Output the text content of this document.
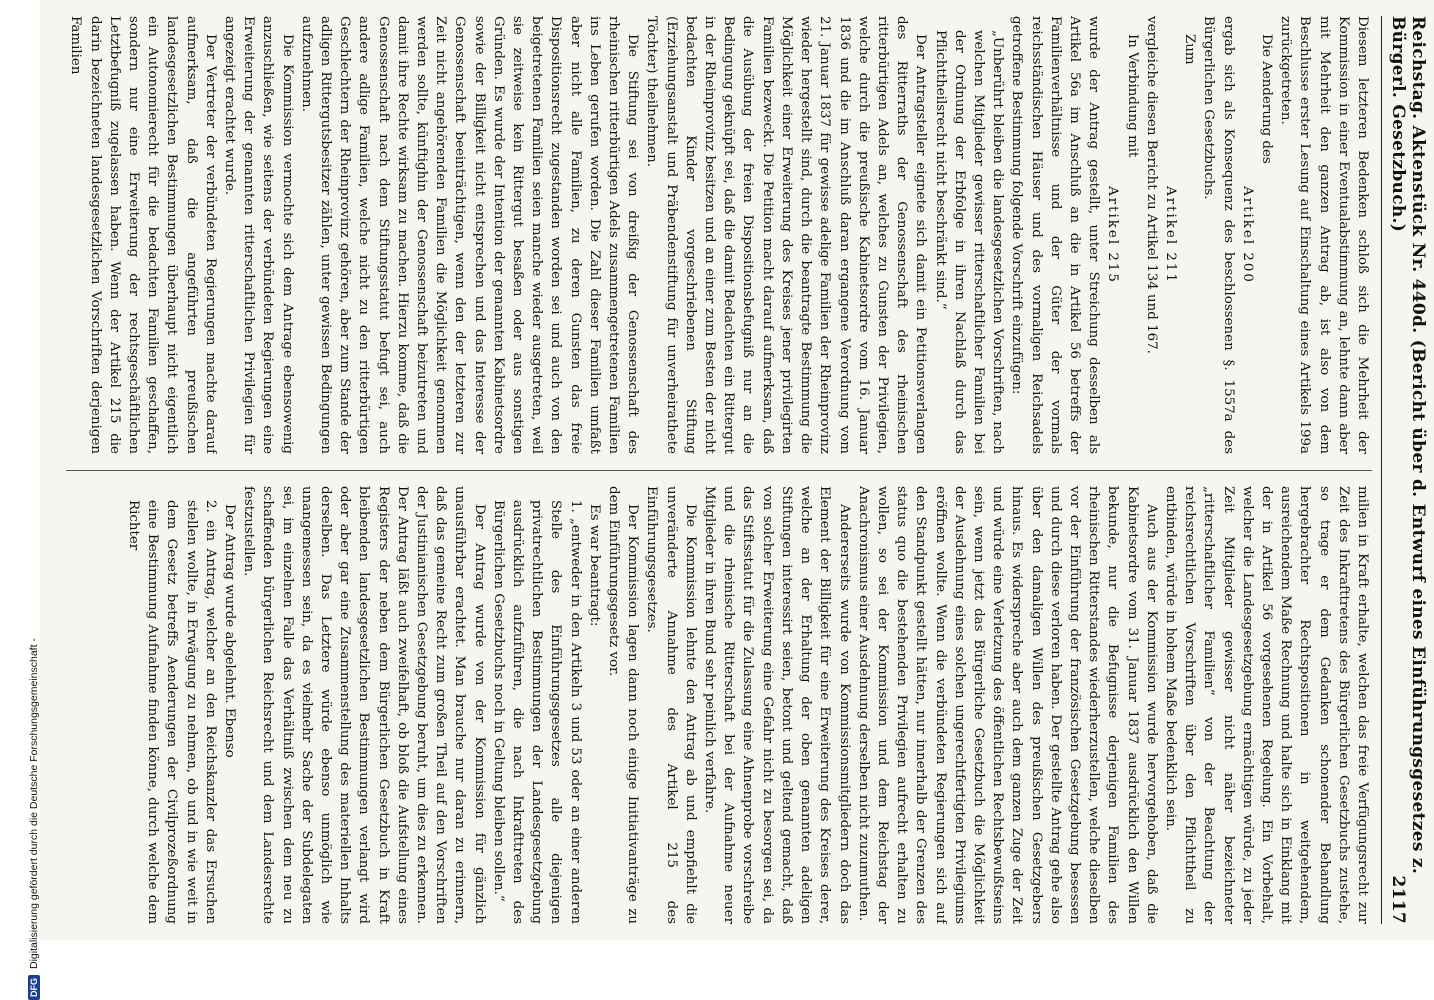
DFG
Digitalisierung gefördert durch die Deutsche Forschungsgemeinschaft -	Reichstag. Aktenstück Nr. 440d. (Bericht über d. Entwurf eines Einführungsgesetzes z. Bürgerl. Gesetzbuch.)
2117

Diesem letzteren Bedenken schloß sich die Mehrheit der Kommission in einer Eventualabstimmung an, lehnte dann aber mit Mehrheit den ganzen Antrag ab, ist also von dem Beschlusse erster Lesung auf Einschaltung eines Artikels 199a zurückgetreten.

Die Aenderung des

Artikel 200

ergab sich als Konsequenz des beschlossenen §. 1557a des Bürgerlichen Gesetzbuchs.

Zum

Artikel 211

vergleiche diesen Bericht zu Artikel 134 und 167.

In Verbindung mit

Artikel 215

wurde der Antrag gestellt, unter Streichung desselben als Artikel 56a im Anschluß an die in Artikel 56 betreffs der Familienverhältnisse und der Güter der vormals reichsständischen Häuser und des vormaligen Reichsadels getroffene Bestimmung folgende Vorschrift einzufügen:

„Unberührt bleiben die landesgesetzlichen Vorschriften, nach welchen Mitglieder gewisser ritterschaftlicher Familien bei der Ordnung der Erbfolge in ihren Nachlaß durch das Pflichttheilsrecht nicht beschränkt sind.“

Der Antragsteller eignete sich damit ein Petitionsverlangen des Ritterraths der Genossenschaft des rheinischen ritterbürtigen Adels an, welches zu Gunsten der Privilegien, welche durch die preußische Kabinetsordre vom 16. Januar 1836 und die im Anschluß daran ergangene Verordnung vom 21. Januar 1837 für gewisse adelige Familien der Rheinprovinz wieder hergestellt sind, durch die beantragte Bestimmung die Möglichkeit einer Erweiterung des Kreises jener privilegirten Familien bezweckt. Die Petition macht darauf aufmerksam, daß die Ausübung der freien Dispositionsbefugniß nur an die Bedingung geknüpft sei, daß die damit Bedachten ein Rittergut in der Rheinprovinz besitzen und an einer zum Besten der nicht bedachten Kinder vorgeschriebenen Stiftung (Erziehungsanstalt und Präbendenstiftung für unverheirathete Töchter) theilnehmen.

Die Stiftung sei von dreißig der Genossenschaft des rheinischen ritterbürtigen Adels zusammengetretenen Familien ins Leben gerufen worden. Die Zahl dieser Familien umfaßt aber nicht alle Familien, zu deren Gunsten das freie Dispositionsrecht zugestanden worden sei und auch von den beigetretenen Familien seien manche wieder ausgetreten, weil sie zeitweise kein Rittergut besaßen oder aus sonstigen Gründen. Es wurde der Intention der genannten Kabinetsordre sowie der Billigkeit nicht entsprechen und das Interesse der Genossenschaft beeinträchtigen, wenn den der letzteren zur Zeit nicht angehörenden Familien die Möglichkeit genommen werden sollte, künftighin der Genossenschaft beizutreten und damit ihre Rechte wirksam zu machen. Hierzu komme, daß die Genossenschaft nach dem Stiftungsstatut befugt sei, auch andere adlige Familien, welche nicht zu den ritterbürtigen Geschlechtern der Rheinprovinz gehören, aber zum Stande der adligen Rittergutsbesitzer zählen, unter gewissen Bedingungen aufzunehmen.

Die Kommission vermochte sich dem Antrage ebensowenig anzuschließen, wie seitens der verbündeten Regierungen eine Erweiterung der genannten ritterschaftlichen Privilegien für angezeigt erachtet wurde.

Der Vertreter der verbündeten Regierungen machte darauf aufmerksam, daß die angeführten preußischen landesgesetzlichen Bestimmungen überhaupt nicht eigentlich ein Autonomierecht für die bedachten Familien geschaffen, sondern nur eine Erweiterung der rechtsgeschäftlichen Letztbefugniß zugelassen haben. Wenn der Artikel 215 die darin bezeichneten landesgesetzlichen Vorschriften derjenigen Familien

milien in Kraft erhalte, welchen das freie Verfügungsrecht zur Zeit des Inkrafttretens des Bürgerlichen Gesetzbuchs zustehe, so trage er dem Gedanken schonender Behandlung hergebrachter Rechtspositionen in weitgehendem, ausreichendem Maße Rechnung und halte sich in Einklang mit der in Artikel 56 vorgesehenen Regelung. Ein Vorbehalt, welcher die Landesgesetzgebung ermächtigen würde, zu jeder Zeit Mitglieder gewisser nicht näher bezeichneter „ritterschaftlicher Familien“ von der Beachtung der reichsrechtlichen Vorschriften über den Pflichttheil zu entbinden, würde in hohem Maße bedenklich sein.

Auch aus der Kommission wurde hervorgehoben, daß die Kabinetsordre vom 31. Januar 1837 ausdrücklich den Willen bekunde, nur die Befugnisse derjenigen Familien des rheinischen Ritterstandes wiederherzustellen, welche dieselben vor der Einführung der französischen Gesetzgebung besessen und durch diese verloren haben. Der gestellte Antrag gehe also über den damaligen Willen des preußischen Gesetzgebers hinaus. Es widerspreche aber auch dem ganzen Zuge der Zeit und würde eine Verletzung des öffentlichen Rechtsbewußtseins sein, wenn jetzt das Bürgerliche Gesetzbuch die Möglichkeit der Ausdehnung eines solchen ungerechtfertigten Privilegiums eröffnen wollte. Wenn die verbündeten Regierungen sich auf den Standpunkt gestellt hätten, nur innerhalb der Grenzen des status quo die bestehenden Privilegien aufrecht erhalten zu wollen, so sei der Kommission und dem Reichstag der Anachronismus einer Ausdehnung derselben nicht zuzumuthen.

Andererseits wurde von Kommissionsmitgliedern doch das Element der Billigkeit für eine Erweiterung des Kreises derer, welche an der Erhaltung der oben genannten adeligen Stiftungen interessirt seien, betont und geltend gemacht, daß von solcher Erweiterung eine Gefahr nicht zu besorgen sei, da das Stiftsstatut für die Zulassung eine Ahnenprobe vorschreibe und die rheinische Ritterschaft bei der Aufnahme neuer Mitglieder in ihren Bund sehr peinlich verfahre.

Die Kommission lehnte den Antrag ab und empfiehlt die unveränderte Annahme des Artikel 215 des Einführungsgesetzes.

Der Kommission lagen dann noch einige Initiativanträge zu dem Einführungsgesetz vor.

Es war beantragt:

1. „entweder in den Artikeln 3 und 53 oder an einer anderen Stelle des Einführungsgesetzes alle diejenigen privatrechtlichen Bestimmungen der Landesgesetzgebung ausdrücklich aufzuführen, die nach Inkrafttreten des Bürgerlichen Gesetzbuchs noch in Geltung bleiben sollen.“

Der Antrag wurde von der Kommission für gänzlich unausführbar erachtet. Man brauche nur daran zu erinnern, daß das gemeine Recht zum großen Theil auf den Vorschriften der Justinianischen Gesetzgebung beruht, um dies zu erkennen. Der Antrag läßt auch zweifelhaft, ob bloß die Aufstellung eines Registers der neben dem Bürgerlichen Gesetzbuch in Kraft bleibenden landesgesetzlichen Bestimmungen verlangt wird oder aber gar eine Zusammenstellung des materiellen Inhalts derselben. Das Letztere würde ebenso unmöglich wie unangemessen sein, da es vielmehr Sache der Subdelegaten sei, im einzelnen Falle das Verhältniß zwischen dem neu zu schaffenden bürgerlichen Reichsrecht und dem Landesrechte festzustellen.

Der Antrag wurde abgelehnt. Ebenso

2. ein Antrag, welcher an den Reichskanzler das Ersuchen stellen wollte, in Erwägung zu nehmen, ob und in wie weit in dem Gesetz betreffs Aenderungen der Civilprozeßordnung eine Bestimmung Aufnahme finden könne, durch welche dem Richter
